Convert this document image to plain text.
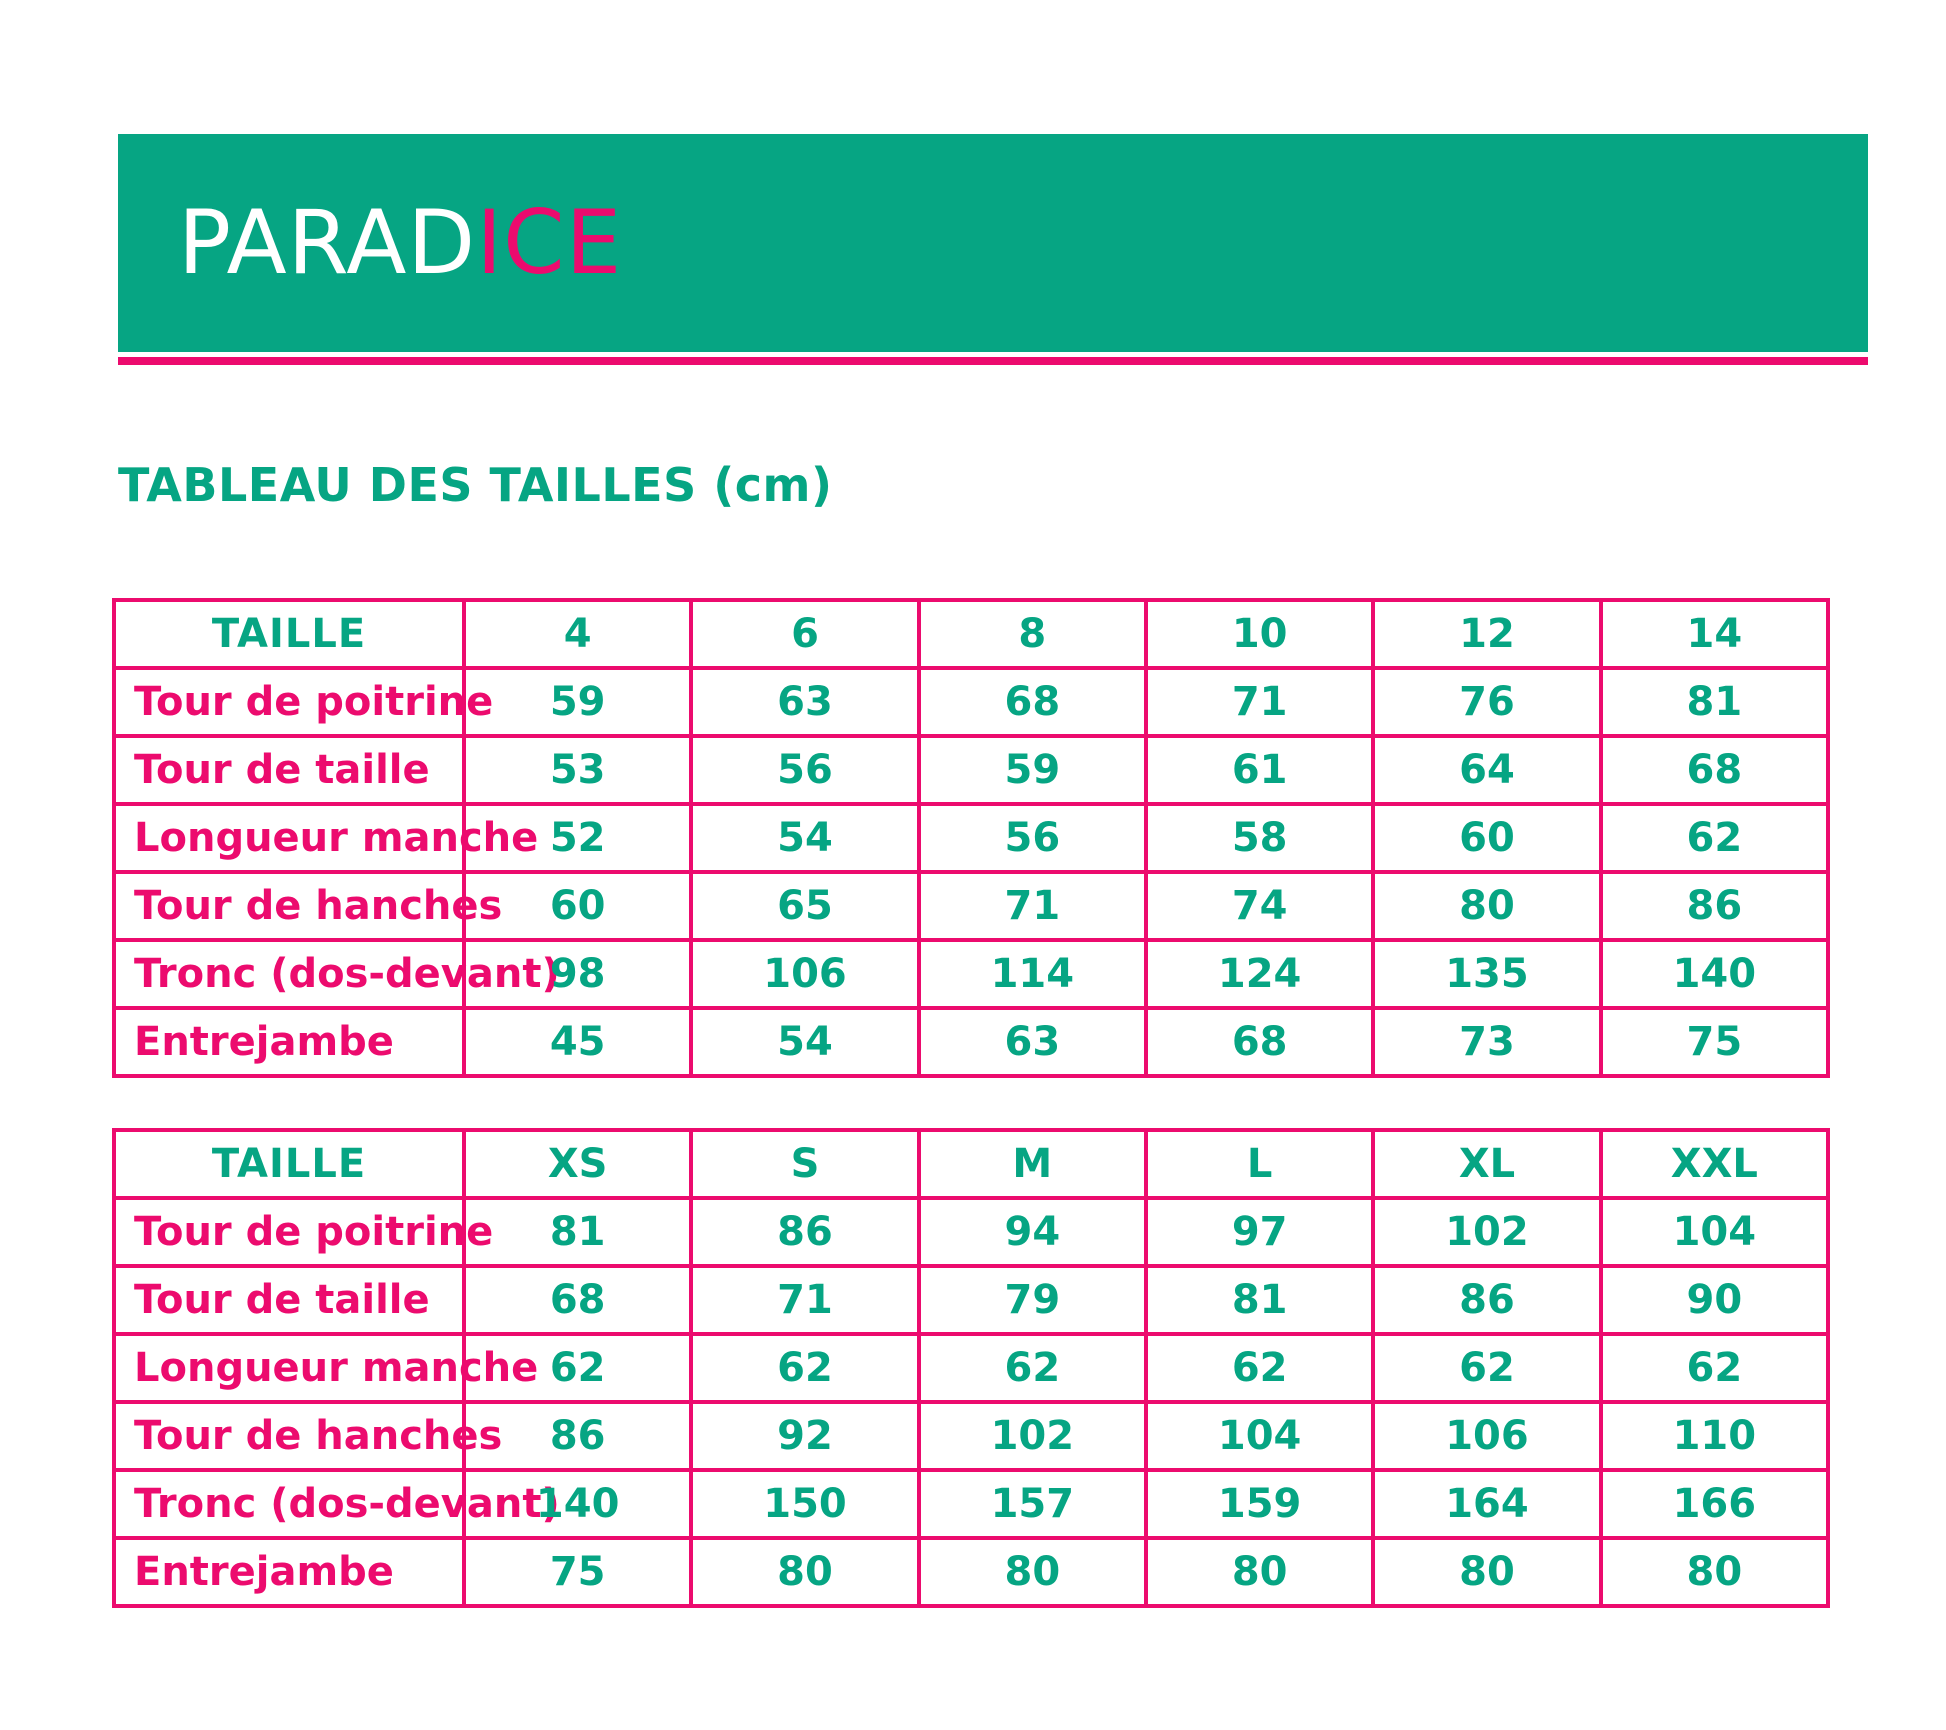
PARADICE
TABLEAU DES TAILLES (cm)
TAILLE	4	6	8	10	12	14
Tour de poitrine	59	63	68	71	76	81
Tour de taille	53	56	59	61	64	68
Longueur manche	52	54	56	58	60	62
Tour de hanches	60	65	71	74	80	86
Tronc (dos-devant)	98	106	114	124	135	140
Entrejambe	45	54	63	68	73	75
TAILLE	XS	S	M	L	XL	XXL
Tour de poitrine	81	86	94	97	102	104
Tour de taille	68	71	79	81	86	90
Longueur manche	62	62	62	62	62	62
Tour de hanches	86	92	102	104	106	110
Tronc (dos-devant)	140	150	157	159	164	166
Entrejambe	75	80	80	80	80	80
